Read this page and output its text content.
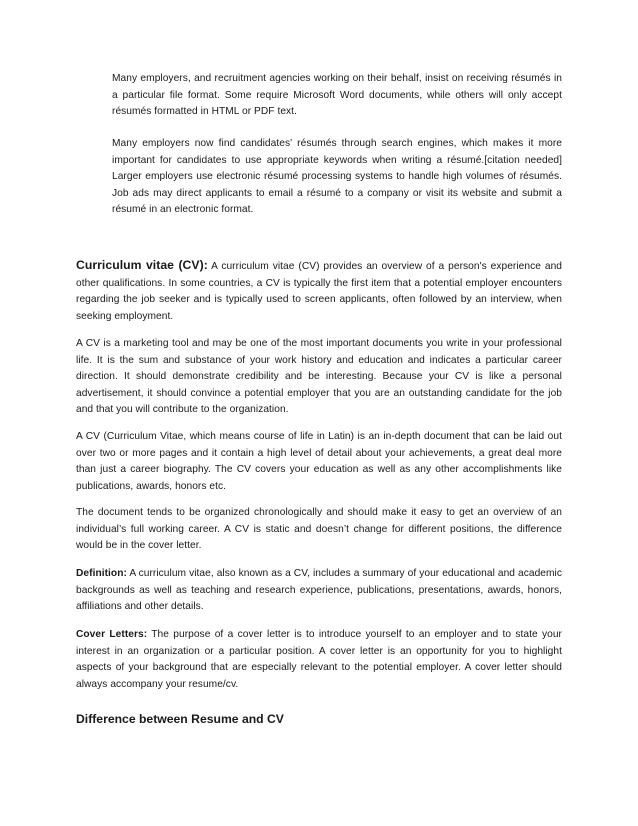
Many employers, and recruitment agencies working on their behalf, insist on receiving résumés in a particular file format. Some require Microsoft Word documents, while others will only accept résumés formatted in HTML or PDF text.

Many employers now find candidates' résumés through search engines, which makes it more important for candidates to use appropriate keywords when writing a résumé.[citation needed] Larger employers use electronic résumé processing systems to handle high volumes of résumés. Job ads may direct applicants to email a résumé to a company or visit its website and submit a résumé in an electronic format.

Curriculum vitae (CV): A curriculum vitae (CV) provides an overview of a person's experience and other qualifications. In some countries, a CV is typically the first item that a potential employer encounters regarding the job seeker and is typically used to screen applicants, often followed by an interview, when seeking employment.

A CV is a marketing tool and may be one of the most important documents you write in your professional life. It is the sum and substance of your work history and education and indicates a particular career direction. It should demonstrate credibility and be interesting. Because your CV is like a personal advertisement, it should convince a potential employer that you are an outstanding candidate for the job and that you will contribute to the organization.

A CV (Curriculum Vitae, which means course of life in Latin) is an in-depth document that can be laid out over two or more pages and it contain a high level of detail about your achievements, a great deal more than just a career biography. The CV covers your education as well as any other accomplishments like publications, awards, honors etc.

The document tends to be organized chronologically and should make it easy to get an overview of an individual’s full working career. A CV is static and doesn’t change for different positions, the difference would be in the cover letter.

Definition: A curriculum vitae, also known as a CV, includes a summary of your educational and academic backgrounds as well as teaching and research experience, publications, presentations, awards, honors, affiliations and other details.

Cover Letters: The purpose of a cover letter is to introduce yourself to an employer and to state your interest in an organization or a particular position. A cover letter is an opportunity for you to highlight aspects of your background that are especially relevant to the potential employer. A cover letter should always accompany your resume/cv.

Difference between Resume and CV
